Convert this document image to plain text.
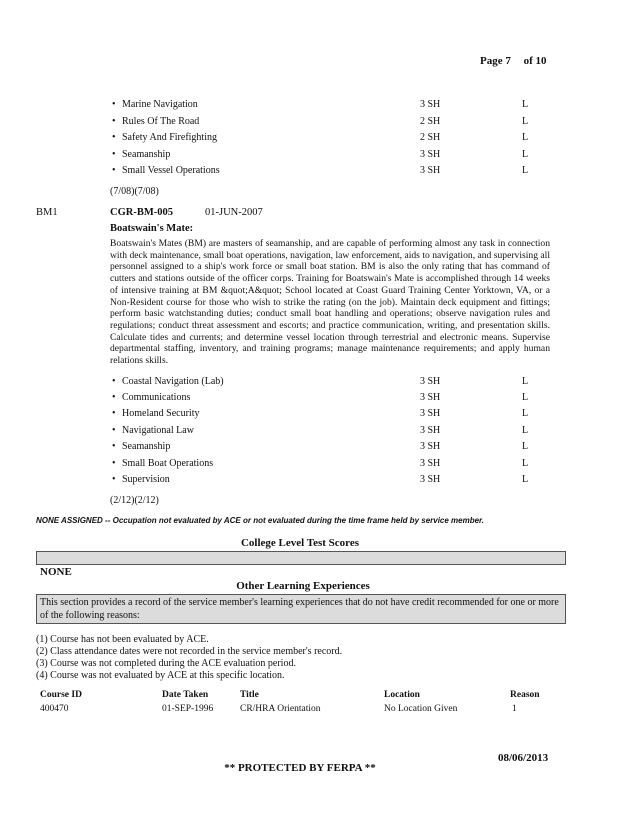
Page 7 of 10
• Marine Navigation	3 SH	L
• Rules Of The Road	2 SH	L
• Safety And Firefighting	2 SH	L
• Seamanship	3 SH	L
• Small Vessel Operations	3 SH	L
(7/08)(7/08)
BM1	CGR-BM-005	01-JUN-2007
Boatswain's Mate:
Boatswain's Mates (BM) are masters of seamanship, and are capable of performing almost any task in connection with deck maintenance, small boat operations, navigation, law enforcement, aids to navigation, and supervising all personnel assigned to a ship's work force or small boat station. BM is also the only rating that has command of cutters and stations outside of the officer corps. Training for Boatswain's Mate is accomplished through 14 weeks of intensive training at BM &quot;A&quot; School located at Coast Guard Training Center Yorktown, VA, or a Non-Resident course for those who wish to strike the rating (on the job). Maintain deck equipment and fittings; perform basic watchstanding duties; conduct small boat handling and operations; observe navigation rules and regulations; conduct threat assessment and escorts; and practice communication, writing, and presentation skills. Calculate tides and currents; and determine vessel location through terrestrial and electronic means. Supervise departmental staffing, inventory, and training programs; manage maintenance requirements; and apply human relations skills.
• Coastal Navigation (Lab)	3 SH	L
• Communications	3 SH	L
• Homeland Security	3 SH	L
• Navigational Law	3 SH	L
• Seamanship	3 SH	L
• Small Boat Operations	3 SH	L
• Supervision	3 SH	L
(2/12)(2/12)
NONE ASSIGNED -- Occupation not evaluated by ACE or not evaluated during the time frame held by service member.
College Level Test Scores
NONE
Other Learning Experiences
This section provides a record of the service member's learning experiences that do not have credit recommended for one or more of the following reasons:
(1) Course has not been evaluated by ACE.
(2) Class attendance dates were not recorded in the service member's record.
(3) Course was not completed during the ACE evaluation period.
(4) Course was not evaluated by ACE at this specific location.
Course ID	Date Taken	Title	Location	Reason
400470	01-SEP-1996	CR/HRA Orientation	No Location Given	1
08/06/2013
** PROTECTED BY FERPA **
